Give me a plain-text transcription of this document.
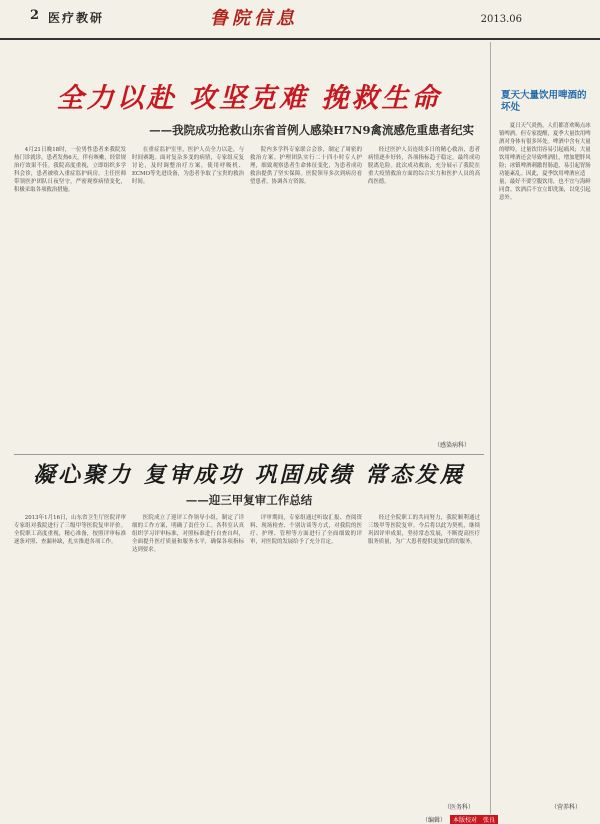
2 医疗教研	鲁院信息	2013.06
全力以赴 攻坚克难 挽救生命
——我院成功抢救山东省首例人感染H7N9禽流感危重患者纪实

4月21日晚18时，一位男性患者来我院发热门诊就诊，患者发热6天，伴有咳嗽，经常规治疗效果不佳。我院高度重视，立即组织多学科会诊，患者被收入重症监护病房。主任医师带领医护团队日夜坚守，严密观察病情变化，积极采取各项救治措施。

在重症监护室里，医护人员全力以赴，与时间赛跑。面对复杂多变的病情，专家组反复讨论，及时调整治疗方案，使用呼吸机、ECMO等先进设备，为患者争取了宝贵的救治时间。

院内多学科专家联合会诊，制定了周密的救治方案。护理团队实行二十四小时专人护理，细致观察患者生命体征变化，为患者成功救治提供了坚实保障。医院领导多次到病房看望患者，协调各方资源。

经过医护人员连续多日的精心救治，患者病情逐步好转，各项指标趋于稳定，最终成功脱离危险。此次成功救治，充分展示了我院在重大疫情救治方面的综合实力和医护人员的高尚医德。

（感染病科）
凝心聚力 复审成功 巩固成绩 常态发展
——迎三甲复审工作总结

2013年1月16日，山东省卫生厅医院评审专家组对我院进行了三级甲等医院复审评价。全院职工高度重视，精心准备，按照评审标准逐条对照、查漏补缺，扎实推进各项工作。

医院成立了迎评工作领导小组，制定了详细的工作方案，明确了责任分工。各科室认真组织学习评审标准，对照标准进行自查自纠，全面提升医疗质量和服务水平，确保各项指标达到要求。

评审期间，专家组通过听取汇报、查阅资料、现场检查、个别访谈等方式，对我院的医疗、护理、管理等方面进行了全面细致的评审，对医院的发展给予了充分肯定。

经过全院职工的共同努力，我院顺利通过三级甲等医院复审。今后将以此为契机，继续巩固评审成果，坚持常态发展，不断提高医疗服务质量，为广大患者提供更加优质的服务。

（医务科）
夏天大量饮用啤酒的坏处

夏日天气炎热，人们都喜欢喝点冰镇啤酒。但专家提醒，夏季大量饮用啤酒对身体有很多坏处。啤酒中含有大量的嘌呤，过量饮用容易引起痛风；大量饮用啤酒还会导致啤酒肚，增加肥胖风险；冰镇啤酒刺激胃肠道，易引起胃肠功能紊乱。因此，夏季饮用啤酒应适量，最好不要空腹饮用，也不宜与海鲜同食。饮酒后不宜立即洗澡，以免引起意外。

（营养科）
（编辑） 本版校对　张良
